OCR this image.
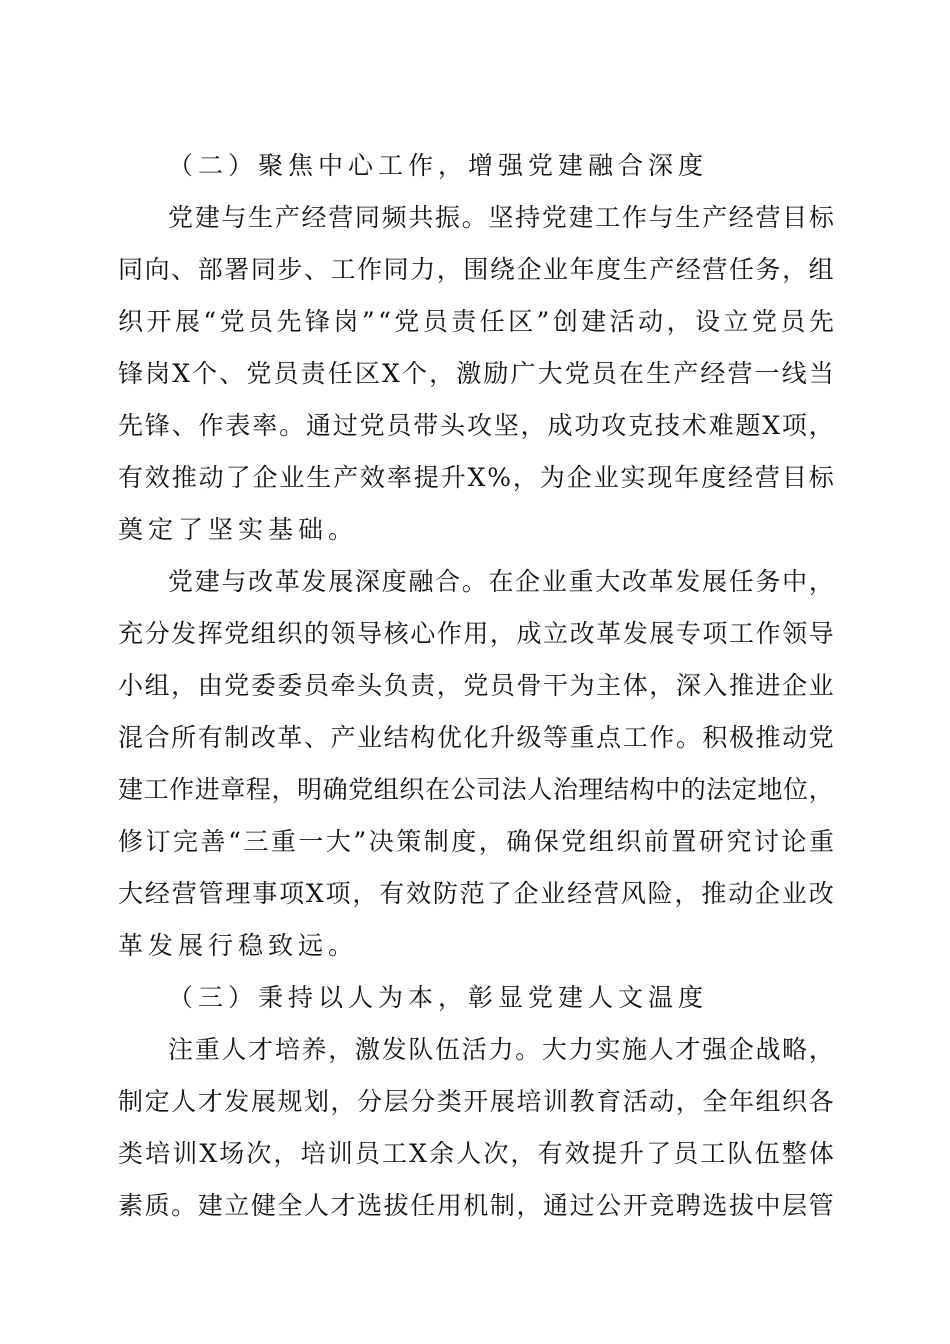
（二）聚焦中心工作，增强党建融合深度
党 建 与 生 产 经 营 同 频 共 振 。 坚 持 党 建 工 作 与 生 产 经 营 目 标
同 向 、 部 署 同 步 、 工 作 同 力 ， 围 绕 企 业 年 度 生 产 经 营 任 务 ， 组
织 开 展 “ 党 员 先 锋 岗 ” “ 党 员 责 任 区 ” 创 建 活 动 ， 设 立 党 员 先
锋 岗 X 个 、 党 员 责 任 区 X 个 ， 激 励 广 大 党 员 在 生 产 经 营 一 线 当
先 锋 、 作 表 率 。 通 过 党 员 带 头 攻 坚 ， 成 功 攻 克 技 术 难 题 X 项 ，
有 效 推 动 了 企 业 生 产 效 率 提 升 X % ， 为 企 业 实 现 年 度 经 营 目 标
奠定了坚实基础。
党 建 与 改 革 发 展 深 度 融 合 。 在 企 业 重 大 改 革 发 展 任 务 中 ，
充 分 发 挥 党 组 织 的 领 导 核 心 作 用 ， 成 立 改 革 发 展 专 项 工 作 领 导
小 组 ， 由 党 委 委 员 牵 头 负 责 ， 党 员 骨 干 为 主 体 ， 深 入 推 进 企 业
混 合 所 有 制 改 革 、 产 业 结 构 优 化 升 级 等 重 点 工 作 。 积 极 推 动 党
建 工 作 进 章 程 ， 明 确 党 组 织 在 公 司 法 人 治 理 结 构 中 的 法 定 地 位 ，
修 订 完 善 “ 三 重 一 大 ” 决 策 制 度 ， 确 保 党 组 织 前 置 研 究 讨 论 重
大 经 营 管 理 事 项 X 项 ， 有 效 防 范 了 企 业 经 营 风 险 ， 推 动 企 业 改
革发展行稳致远。
（三）秉持以人为本，彰显党建人文温度
注 重 人 才 培 养 ， 激 发 队 伍 活 力 。 大 力 实 施 人 才 强 企 战 略 ，
制 定 人 才 发 展 规 划 ， 分 层 分 类 开 展 培 训 教 育 活 动 ， 全 年 组 织 各
类 培 训 X 场 次 ， 培 训 员 工 X 余 人 次 ， 有 效 提 升 了 员 工 队 伍 整 体
素 质 。 建 立 健 全 人 才 选 拔 任 用 机 制 ， 通 过 公 开 竞 聘 选 拔 中 层 管
